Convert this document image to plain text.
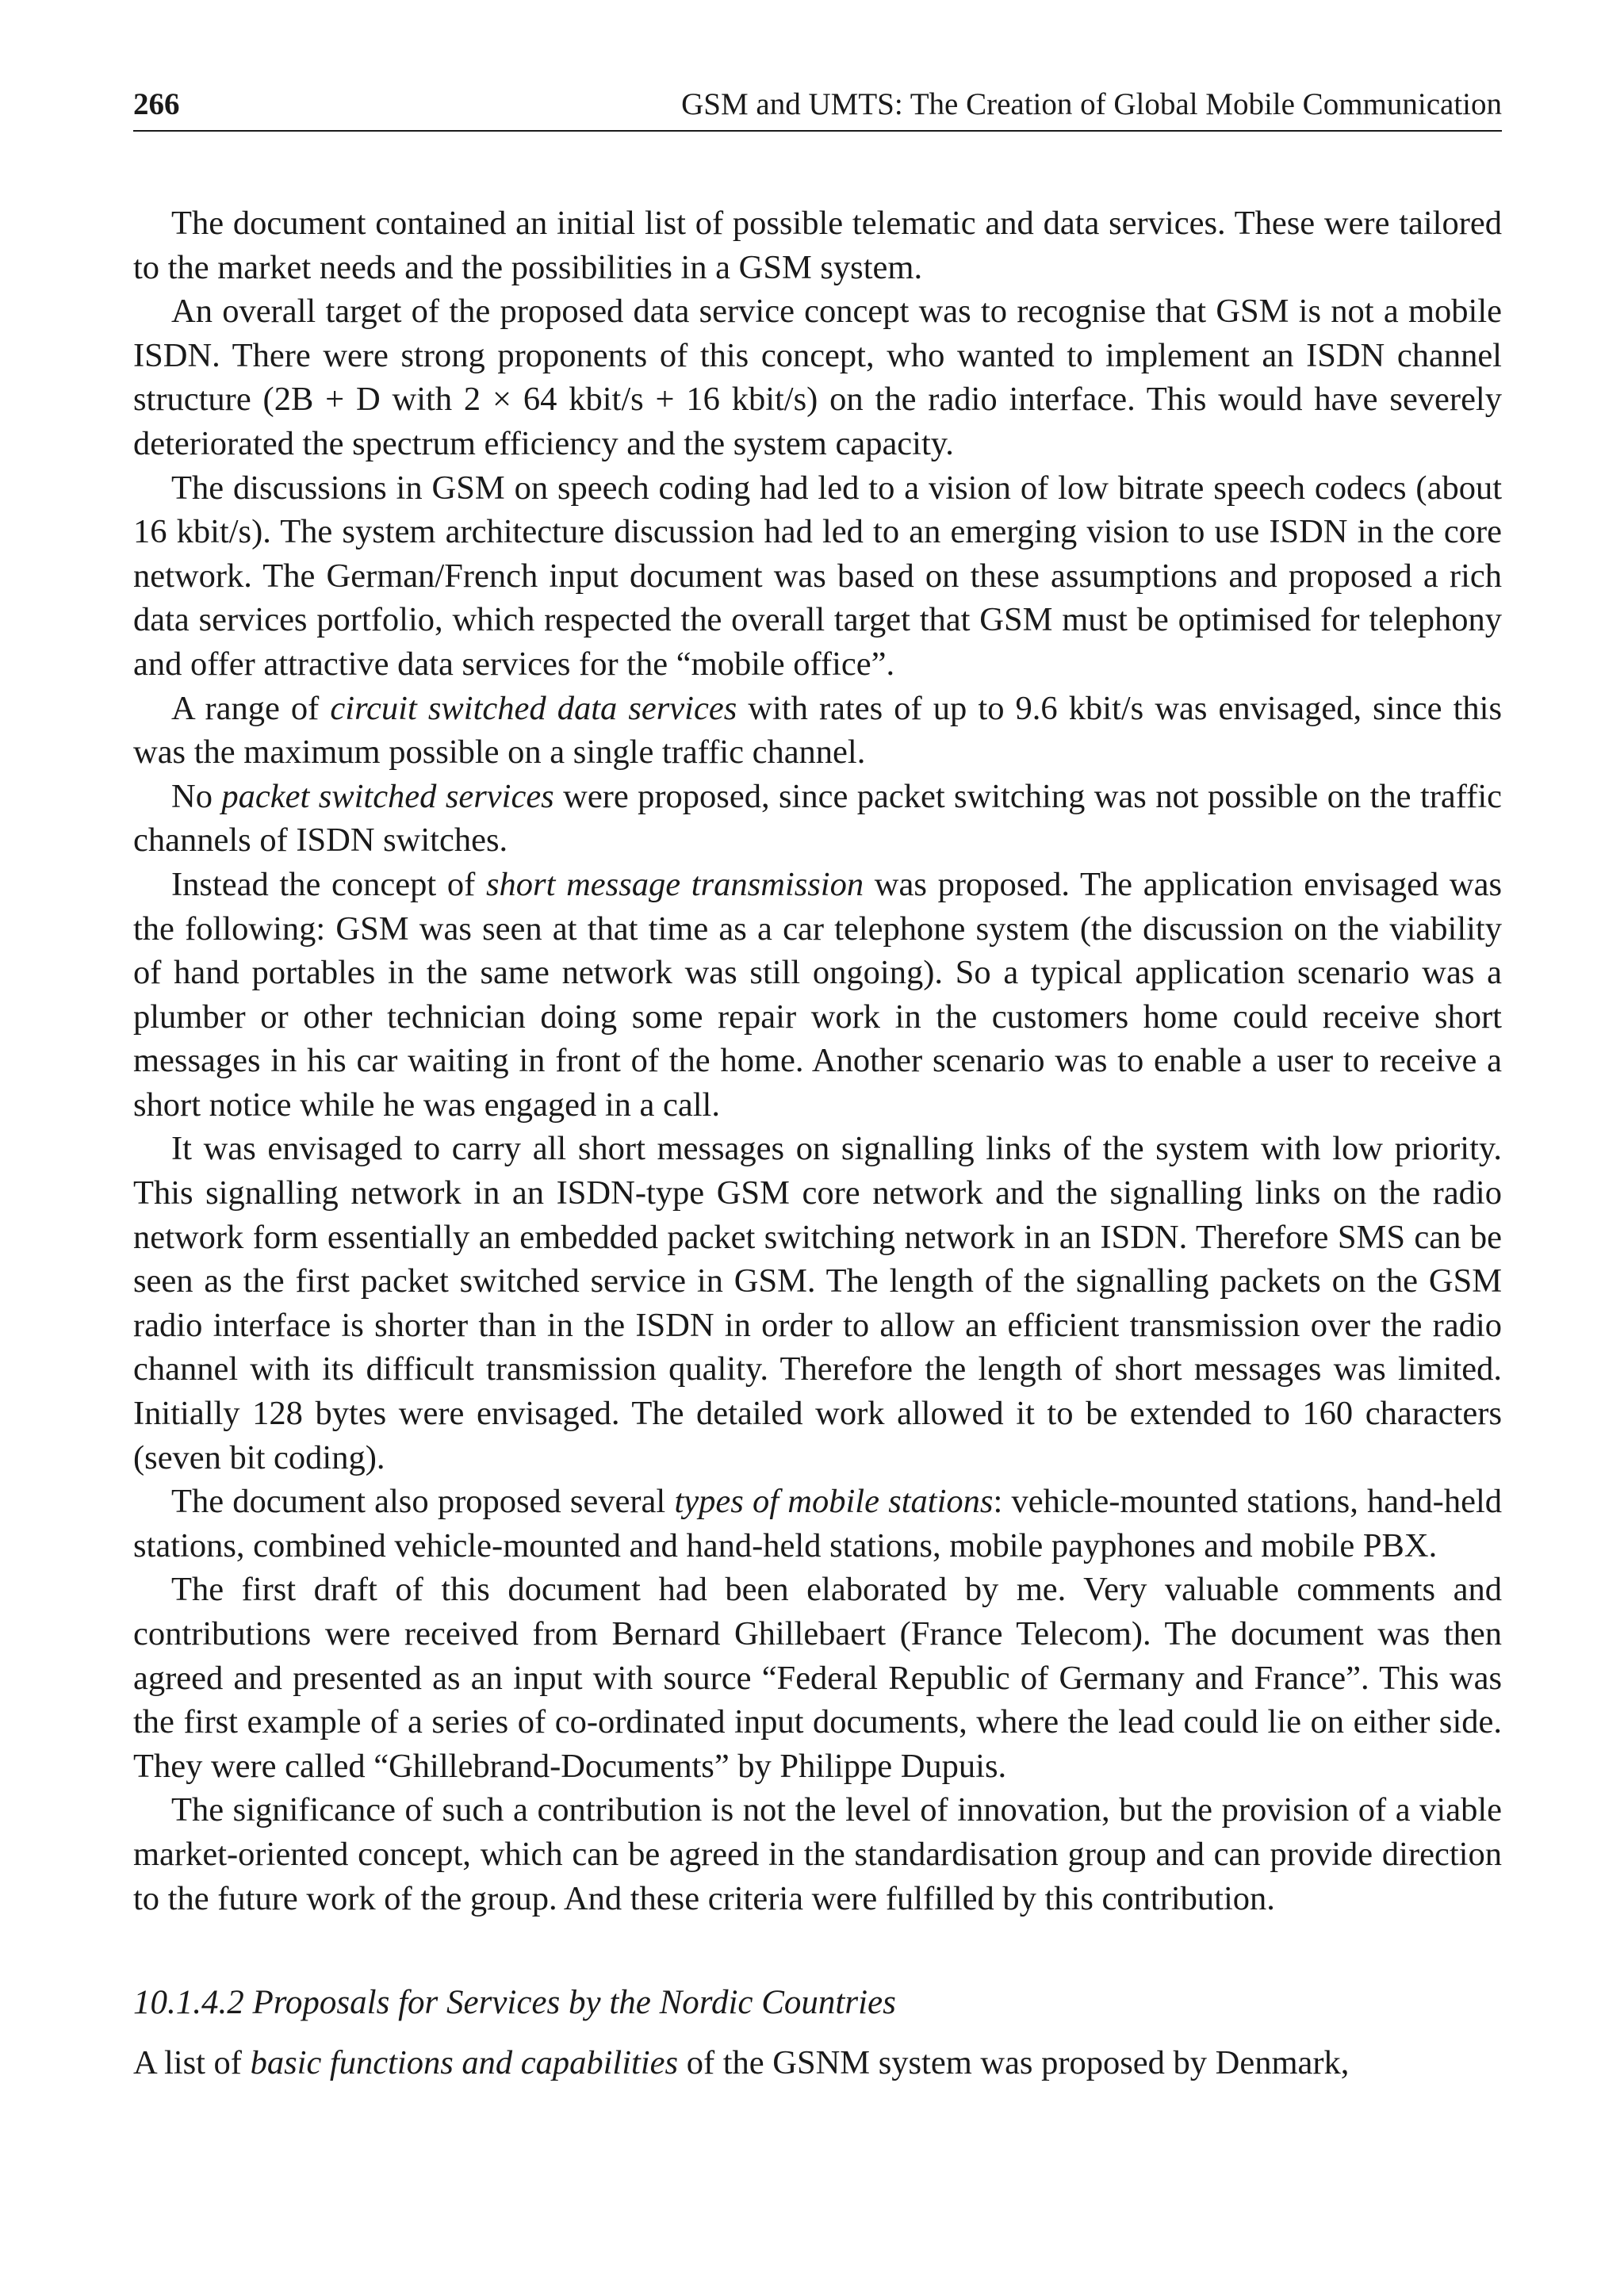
266	GSM and UMTS: The Creation of Global Mobile Communication

The document contained an initial list of possible telematic and data services. These were tailored to the market needs and the possibilities in a GSM system.

An overall target of the proposed data service concept was to recognise that GSM is not a mobile ISDN. There were strong proponents of this concept, who wanted to implement an ISDN channel structure (2B + D with 2 × 64 kbit/s + 16 kbit/s) on the radio interface. This would have severely deteriorated the spectrum efficiency and the system capacity.

The discussions in GSM on speech coding had led to a vision of low bitrate speech codecs (about 16 kbit/s). The system architecture discussion had led to an emerging vision to use ISDN in the core network. The German/French input document was based on these assumptions and proposed a rich data services portfolio, which respected the overall target that GSM must be optimised for telephony and offer attractive data services for the “mobile office”.

A range of circuit switched data services with rates of up to 9.6 kbit/s was envisaged, since this was the maximum possible on a single traffic channel.

No packet switched services were proposed, since packet switching was not possible on the traffic channels of ISDN switches.

Instead the concept of short message transmission was proposed. The application envisaged was the following: GSM was seen at that time as a car telephone system (the discussion on the viability of hand portables in the same network was still ongoing). So a typical application scenario was a plumber or other technician doing some repair work in the customers home could receive short messages in his car waiting in front of the home. Another scenario was to enable a user to receive a short notice while he was engaged in a call.

It was envisaged to carry all short messages on signalling links of the system with low priority. This signalling network in an ISDN-type GSM core network and the signalling links on the radio network form essentially an embedded packet switching network in an ISDN. Therefore SMS can be seen as the first packet switched service in GSM. The length of the signalling packets on the GSM radio interface is shorter than in the ISDN in order to allow an efficient transmission over the radio channel with its difficult transmission quality. Therefore the length of short messages was limited. Initially 128 bytes were envisaged. The detailed work allowed it to be extended to 160 characters (seven bit coding).

The document also proposed several types of mobile stations: vehicle-mounted stations, hand-held stations, combined vehicle-mounted and hand-held stations, mobile payphones and mobile PBX.

The first draft of this document had been elaborated by me. Very valuable comments and contributions were received from Bernard Ghillebaert (France Telecom). The document was then agreed and presented as an input with source “Federal Republic of Germany and France”. This was the first example of a series of co-ordinated input documents, where the lead could lie on either side. They were called “Ghillebrand-Documents” by Philippe Dupuis.

The significance of such a contribution is not the level of innovation, but the provision of a viable market-oriented concept, which can be agreed in the standardisation group and can provide direction to the future work of the group. And these criteria were fulfilled by this contribution.

10.1.4.2 Proposals for Services by the Nordic Countries

A list of basic functions and capabilities of the GSNM system was proposed by Denmark,
